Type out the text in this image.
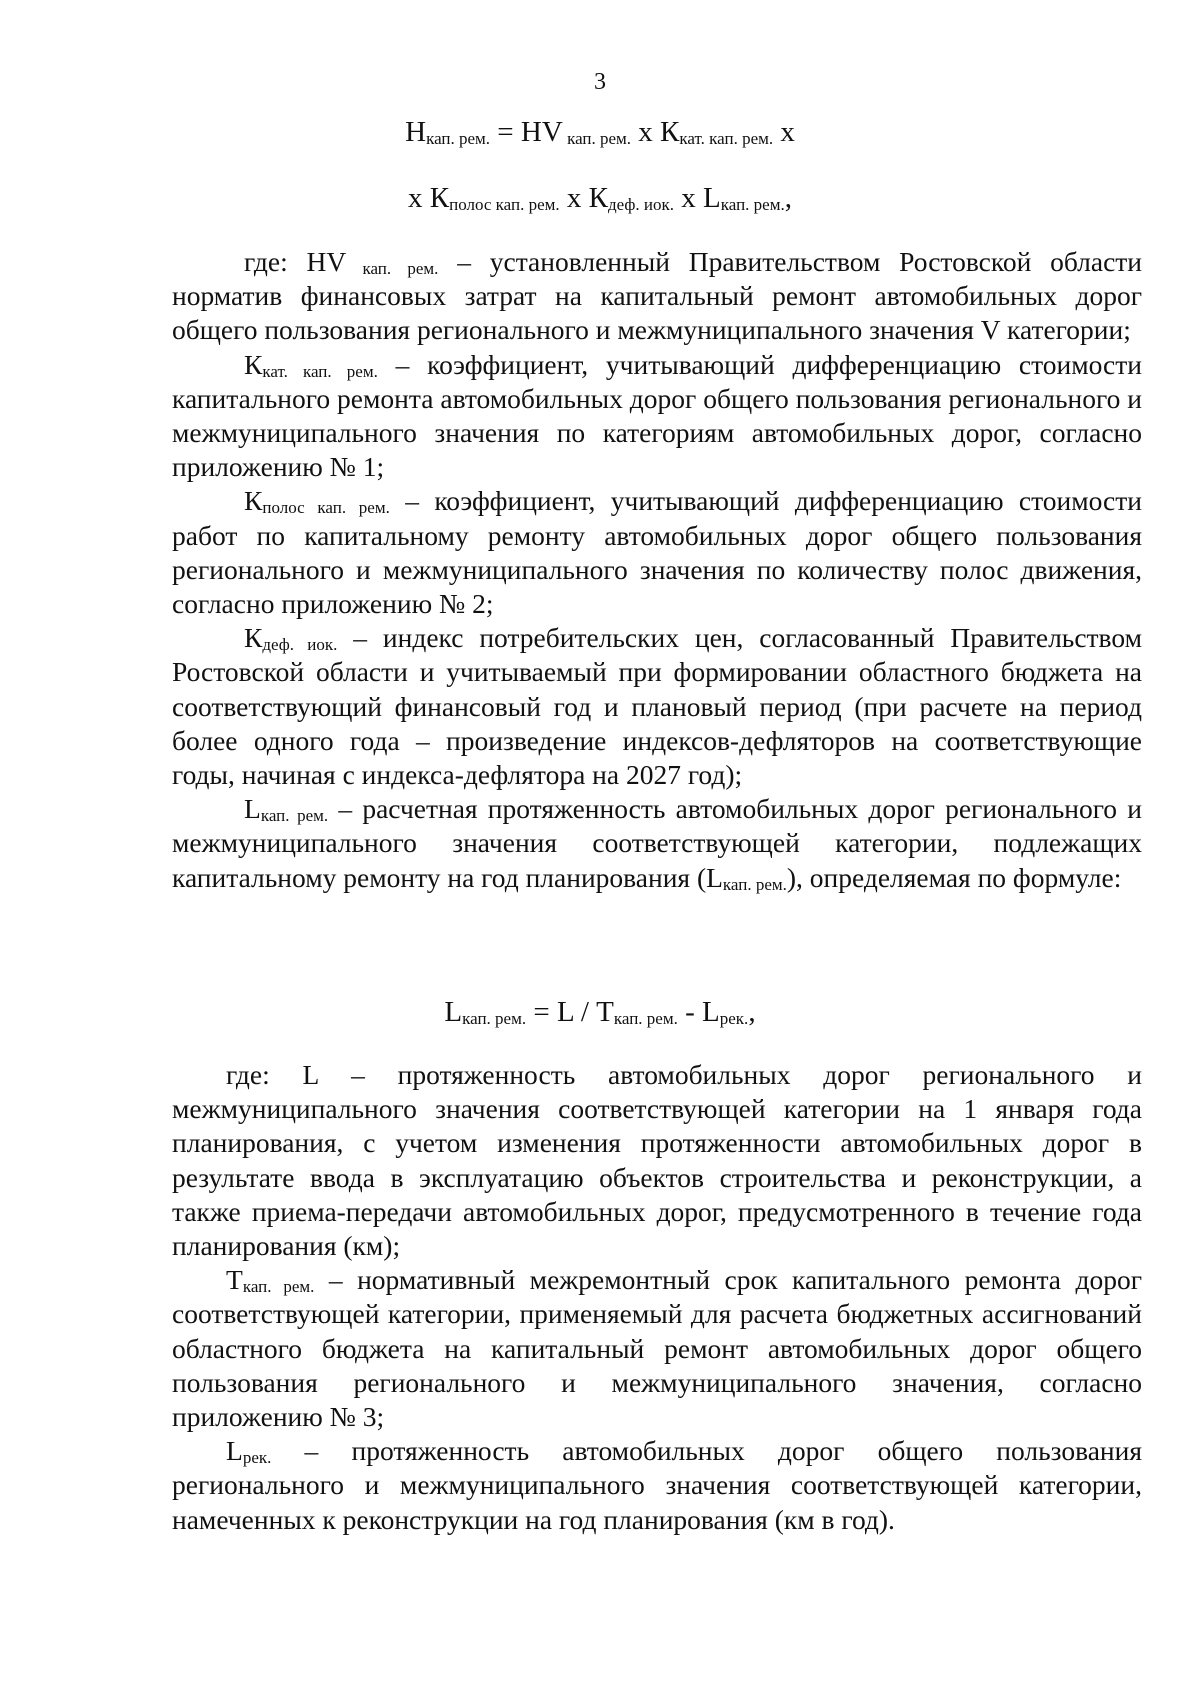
3
$Н_{кап. рем.}$ = НV $_{кап. рем.}$ х $К_{кат. кап. рем.}$ х
х $К_{полос кап. рем.}$ х $К_{деф. иок.}$ х $L_{кап. рем.}$,

где: НV $_{кап. рем.}$ – установленный Правительством Ростовской области норматив финансовых затрат на капитальный ремонт автомобильных дорог общего пользования регионального и межмуниципального значения V категории;

$К_{кат. кап. рем.}$ – коэффициент, учитывающий дифференциацию стоимости капитального ремонта автомобильных дорог общего пользования регионального и межмуниципального значения по категориям автомобильных дорог, согласно приложению № 1;

$К_{полос кап. рем.}$ – коэффициент, учитывающий дифференциацию стоимости работ по капитальному ремонту автомобильных дорог общего пользования регионального и межмуниципального значения по количеству полос движения, согласно приложению № 2;

$К_{деф. иок.}$ – индекс потребительских цен, согласованный Правительством Ростовской области и учитываемый при формировании областного бюджета на соответствующий финансовый год и плановый период (при расчете на период более одного года – произведение индексов-дефляторов на соответствующие годы, начиная с индекса-дефлятора на 2027 год);

$L_{кап. рем.}$ – расчетная протяженность автомобильных дорог регионального и межмуниципального значения соответствующей категории, подлежащих капитальному ремонту на год планирования $(L_{кап. рем.})$, определяемая по формуле:

$L_{кап. рем.} = L / Т_{кап. рем.} - L_{рек.}$,

где: L – протяженность автомобильных дорог регионального и межмуниципального значения соответствующей категории на 1 января года планирования, с учетом изменения протяженности автомобильных дорог в результате ввода в эксплуатацию объектов строительства и реконструкции, а также приема-передачи автомобильных дорог, предусмотренного в течение года планирования (км);

$Т_{кап. рем.}$ – нормативный межремонтный срок капитального ремонта дорог соответствующей категории, применяемый для расчета бюджетных ассигнований областного бюджета на капитальный ремонт автомобильных дорог общего пользования регионального и межмуниципального значения, согласно приложению № 3;

$L_{рек.}$ – протяженность автомобильных дорог общего пользования регионального и межмуниципального значения соответствующей категории, намеченных к реконструкции на год планирования (км в год).
